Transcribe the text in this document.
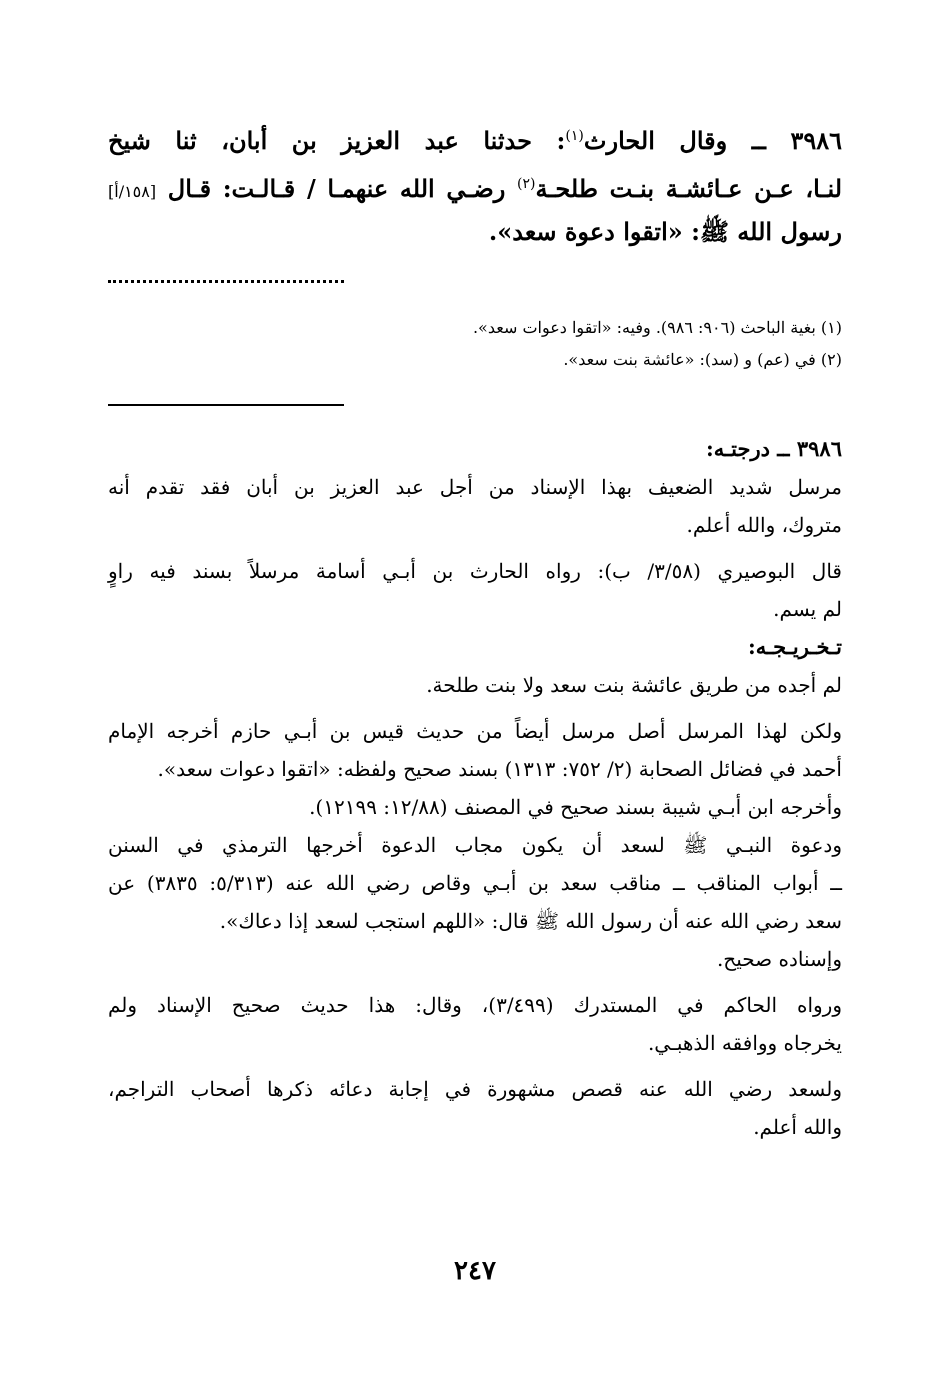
٣٩٨٦ ــ وقال الحارث$^{(١)}$: حدثنا عبد العزيز بن أبان، ثنا شيخ
لنـا، عـن عـائشـة بنـت طلحـة$^{(٢)}$ رضـي الله عنهمـا / قـالـت: قـال [١٥٨/أ]
رسول الله ﷺ: «اتقوا دعوة سعد».
(١) بغية الباحث (٩٠٦: ٩٨٦). وفيه: «اتقوا دعوات سعد».
(٢) في (عم) و (سد): «عائشة بنت سعد».
٣٩٨٦ ــ درجتـه:
مرسل شديد الضعيف بهذا الإسناد من أجل عبد العزيز بن أبان فقد تقدم أنه
متروك، والله أعلم.
قال البوصيري (٣/٥٨/ ب): رواه الحارث بن أبـي أسامة مرسلاً بسند فيه راوٍ
لم يسم.
تـخـريـجـه:
لم أجده من طريق عائشة بنت سعد ولا بنت طلحة.
ولكن لهذا المرسل أصل مرسل أيضاً من حديث قيس بن أبـي حازم أخرجه الإمام
أحمد في فضائل الصحابة (٢/ ٧٥٢: ١٣١٣) بسند صحيح ولفظه: «اتقوا دعوات سعد».
وأخرجه ابن أبـي شيبة بسند صحيح في المصنف (١٢/٨٨: ١٢١٩٩).
ودعوة النبـي ﷺ لسعد أن يكون مجاب الدعوة أخرجها الترمذي في السنن
ــ أبواب المناقب ــ مناقب سعد بن أبـي وقاص رضي الله عنه (٥/٣١٣: ٣٨٣٥) عن
سعد رضي الله عنه أن رسول الله ﷺ قال: «اللهم استجب لسعد إذا دعاك».
وإسناده صحيح.
ورواه الحاكم في المستدرك (٣/٤٩٩)، وقال: هذا حديث صحيح الإسناد ولم
يخرجاه ووافقه الذهبـي.
ولسعد رضي الله عنه قصص مشهورة في إجابة دعائه ذكرها أصحاب التراجم،
والله أعلم.
٢٤٧
